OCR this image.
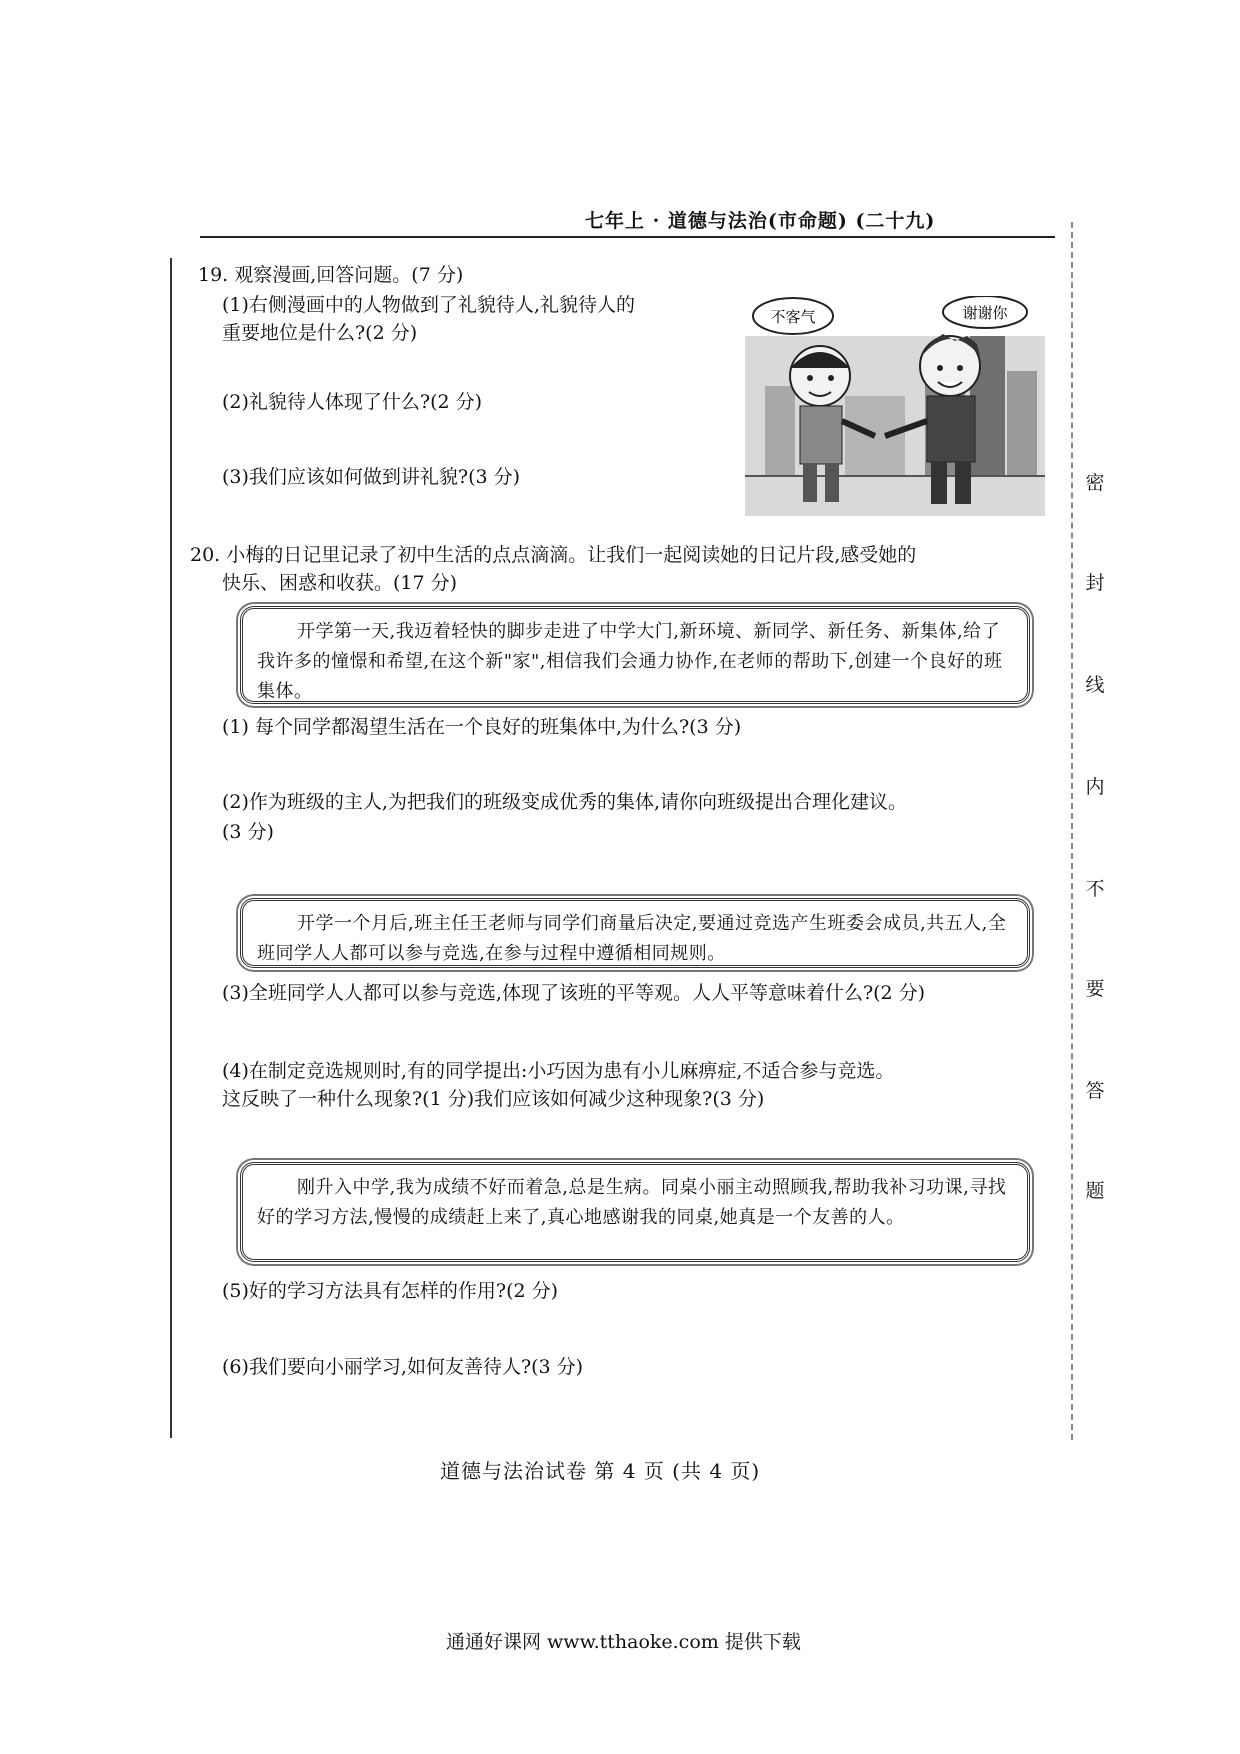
七年上 · 道德与法治(市命题) (二十九)
密
封
线
内
不
要
答
题
19. 观察漫画,回答问题。(7 分)
(1)右侧漫画中的人物做到了礼貌待人,礼貌待人的
重要地位是什么?(2 分)
(2)礼貌待人体现了什么?(2 分)
(3)我们应该如何做到讲礼貌?(3 分)
不客气	谢谢你
20. 小梅的日记里记录了初中生活的点点滴滴。让我们一起阅读她的日记片段,感受她的
快乐、困惑和收获。(17 分)
开学第一天,我迈着轻快的脚步走进了中学大门,新环境、新同学、新任务、新集体,给了我许多的憧憬和希望,在这个新"家",相信我们会通力协作,在老师的帮助下,创建一个良好的班集体。
(1) 每个同学都渴望生活在一个良好的班集体中,为什么?(3 分)
(2)作为班级的主人,为把我们的班级变成优秀的集体,请你向班级提出合理化建议。
(3 分)
开学一个月后,班主任王老师与同学们商量后决定,要通过竞选产生班委会成员,共五人,全班同学人人都可以参与竞选,在参与过程中遵循相同规则。
(3)全班同学人人都可以参与竞选,体现了该班的平等观。人人平等意味着什么?(2 分)
(4)在制定竞选规则时,有的同学提出:小巧因为患有小儿麻痹症,不适合参与竞选。
这反映了一种什么现象?(1 分)我们应该如何减少这种现象?(3 分)
刚升入中学,我为成绩不好而着急,总是生病。同桌小丽主动照顾我,帮助我补习功课,寻找好的学习方法,慢慢的成绩赶上来了,真心地感谢我的同桌,她真是一个友善的人。
(5)好的学习方法具有怎样的作用?(2 分)
(6)我们要向小丽学习,如何友善待人?(3 分)
道德与法治试卷 第 4 页 (共 4 页)
通通好课网 www.tthaoke.com 提供下载
